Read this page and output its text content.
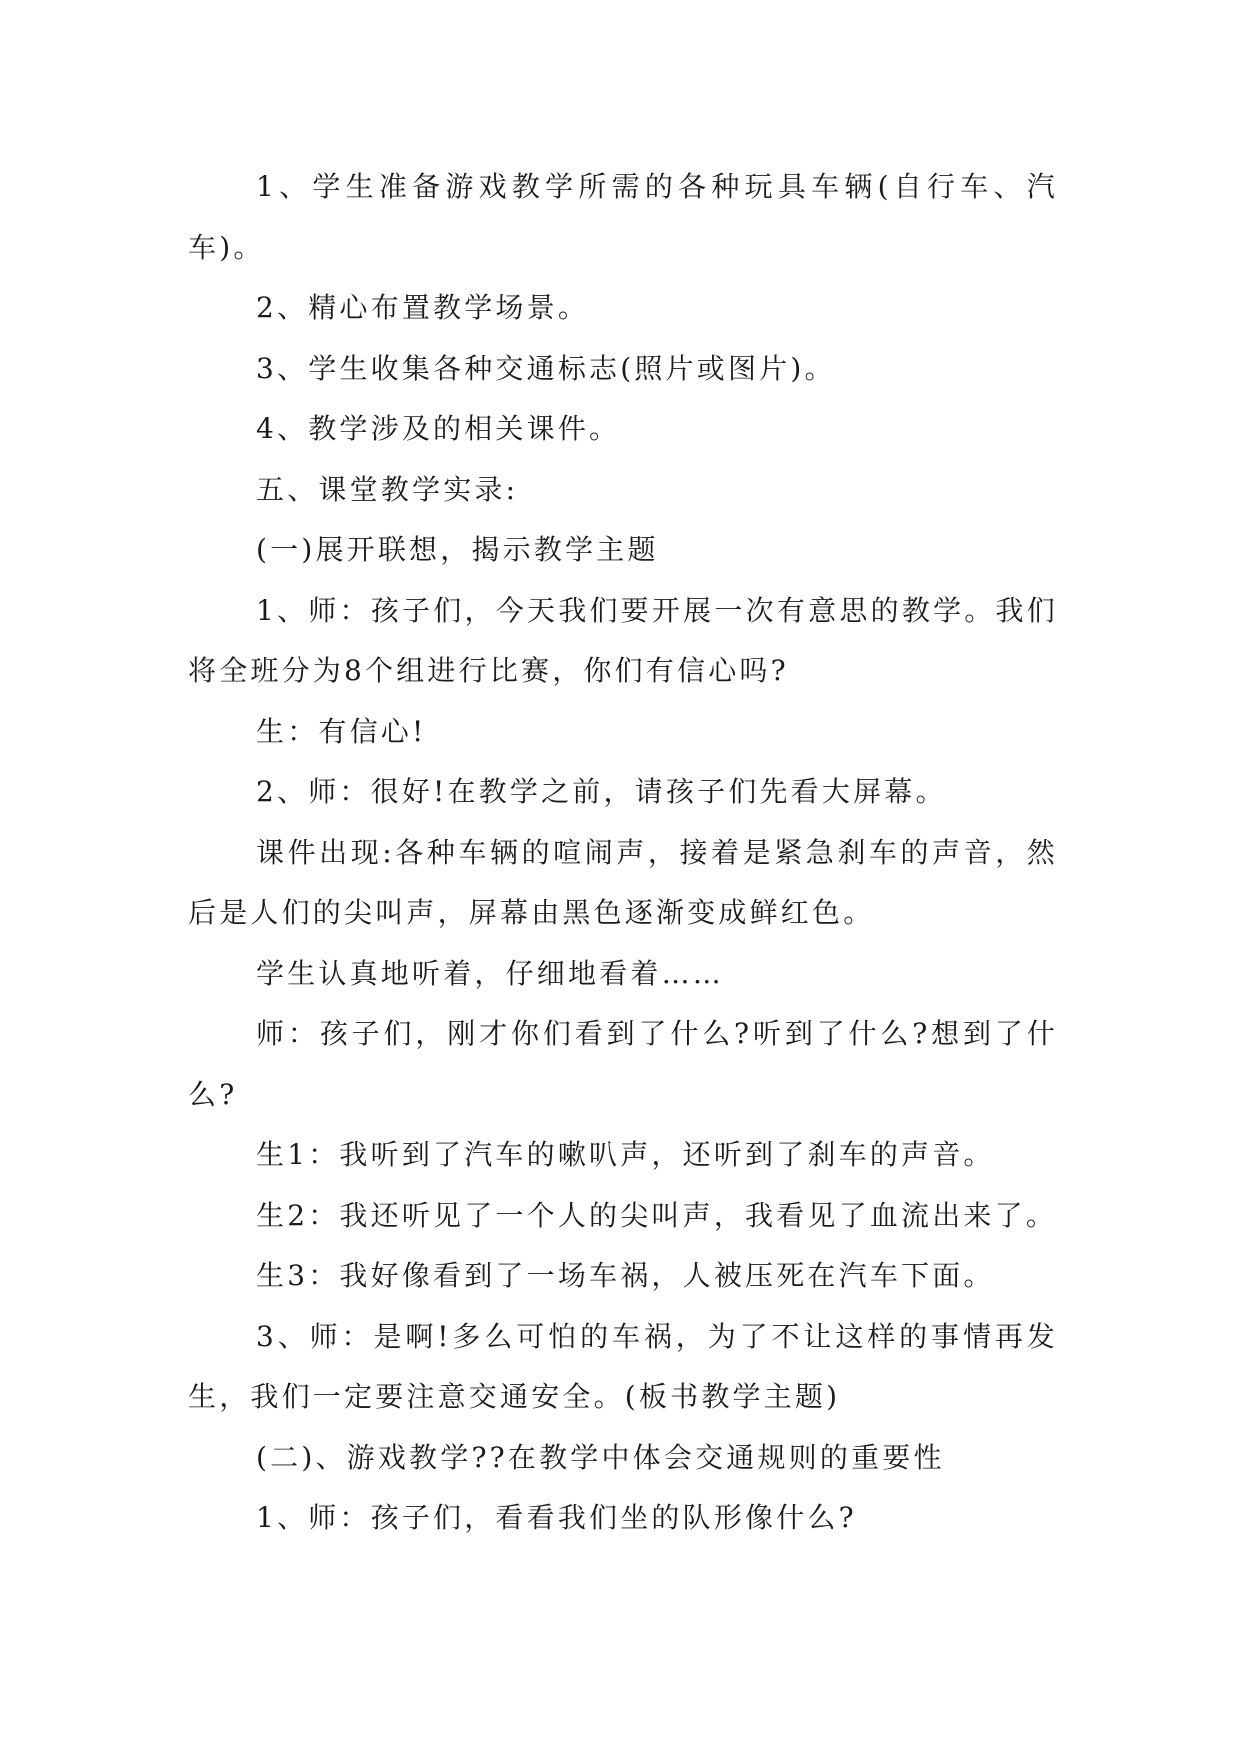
1、学生准备游戏教学所需的各种玩具车辆(自行车、汽车)。

2、精心布置教学场景。

3、学生收集各种交通标志(照片或图片)。

4、教学涉及的相关课件。

五、课堂教学实录:

(一)展开联想，揭示教学主题

1、师：孩子们，今天我们要开展一次有意思的教学。我们将全班分为8个组进行比赛，你们有信心吗?

生：有信心!

2、师：很好!在教学之前，请孩子们先看大屏幕。

课件出现:各种车辆的喧闹声，接着是紧急刹车的声音，然后是人们的尖叫声，屏幕由黑色逐渐变成鲜红色。

学生认真地听着，仔细地看着……

师：孩子们，刚才你们看到了什么?听到了什么?想到了什么?

生1：我听到了汽车的嗽叭声，还听到了刹车的声音。

生2：我还听见了一个人的尖叫声，我看见了血流出来了。

生3：我好像看到了一场车祸，人被压死在汽车下面。

3、师：是啊!多么可怕的车祸，为了不让这样的事情再发生，我们一定要注意交通安全。(板书教学主题)

(二)、游戏教学??在教学中体会交通规则的重要性

1、师：孩子们，看看我们坐的队形像什么?
